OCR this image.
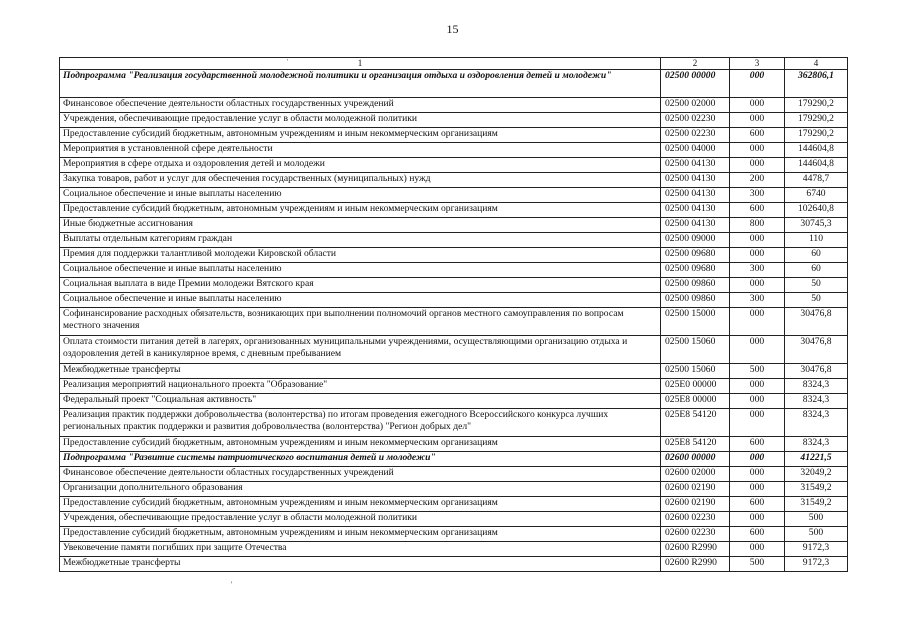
15
'	1	2	3	4
Подпрограмма "Реализация государственной молодежной политики и организация отдыха и оздоровления детей и молодежи"	02500 00000	000	362806,1
Финансовое обеспечение деятельности областных государственных учреждений	02500 02000	000	179290,2
Учреждения, обеспечивающие предоставление услуг в области молодежной политики	02500 02230	000	179290,2
Предоставление субсидий бюджетным, автономным учреждениям и иным некоммерческим организациям	02500 02230	600	179290,2
Мероприятия в установленной сфере деятельности	02500 04000	000	144604,8
Мероприятия в сфере отдыха и оздоровления детей и молодежи	02500 04130	000	144604,8
Закупка товаров, работ и услуг для обеспечения государственных (муниципальных) нужд	02500 04130	200	4478,7
Социальное обеспечение и иные выплаты населению	02500 04130	300	6740
Предоставление субсидий бюджетным, автономным учреждениям и иным некоммерческим организациям	02500 04130	600	102640,8
Иные бюджетные ассигнования	02500 04130	800	30745,3
Выплаты отдельным категориям граждан	02500 09000	000	110
Премия для поддержки талантливой молодежи Кировской области	02500 09680	000	60
Социальное обеспечение и иные выплаты населению	02500 09680	300	60
Социальная выплата в виде Премии молодежи Вятского края	02500 09860	000	50
Социальное обеспечение и иные выплаты населению	02500 09860	300	50
Софинансирование расходных обязательств, возникающих при выполнении полномочий органов местного самоуправления по вопросам местного значения	02500 15000	000	30476,8
Оплата стоимости питания детей в лагерях, организованных муниципальными учреждениями, осуществляющими организацию отдыха и оздоровления детей в каникулярное время, с дневным пребыванием	02500 15060	000	30476,8
Межбюджетные трансферты	02500 15060	500	30476,8
Реализация мероприятий национального проекта "Образование"	025E0 00000	000	8324,3
Федеральный проект "Социальная активность"	025E8 00000	000	8324,3
Реализация практик поддержки добровольчества (волонтерства) по итогам проведения ежегодного Всероссийского конкурса лучших региональных практик поддержки и развития добровольчества (волонтерства) "Регион добрых дел"	025E8 54120	000	8324,3
Предоставление субсидий бюджетным, автономным учреждениям и иным некоммерческим организациям	025E8 54120	600	8324,3
Подпрограмма "Развитие системы патриотического воспитания детей и молодежи"	02600 00000	000	41221,5
Финансовое обеспечение деятельности областных государственных учреждений	02600 02000	000	32049,2
Организации дополнительного образования	02600 02190	000	31549,2
Предоставление субсидий бюджетным, автономным учреждениям и иным некоммерческим организациям	02600 02190	600	31549,2
Учреждения, обеспечивающие предоставление услуг в области молодежной политики	02600 02230	000	500
Предоставление субсидий бюджетным, автономным учреждениям и иным некоммерческим организациям	02600 02230	600	500
Увековечение памяти погибших при защите Отечества	02600 R2990	000	9172,3
Межбюджетные трансферты	02600 R2990	500	9172,3
'
